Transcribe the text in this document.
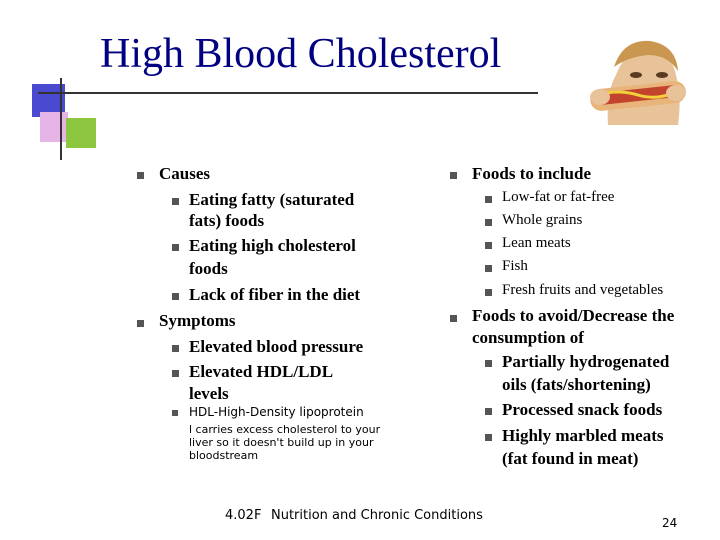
High Blood Cholesterol
Causes
Eating fatty (saturated
fats) foods
Eating high cholesterol
foods
Lack of fiber in the diet
Symptoms
Elevated blood pressure
Elevated HDL/LDL
levels
HDL-High-Density lipoprotein
l carries excess cholesterol to your
liver so it doesn't build up in your
bloodstream
Foods to include
Low-fat or fat-free
Whole grains
Lean meats
Fish
Fresh fruits and vegetables
Foods to avoid/Decrease the
consumption of
Partially hydrogenated
oils (fats/shortening)
Processed snack foods
Highly marbled meats
(fat found in meat)
4.02F Nutrition and Chronic Conditions	24
